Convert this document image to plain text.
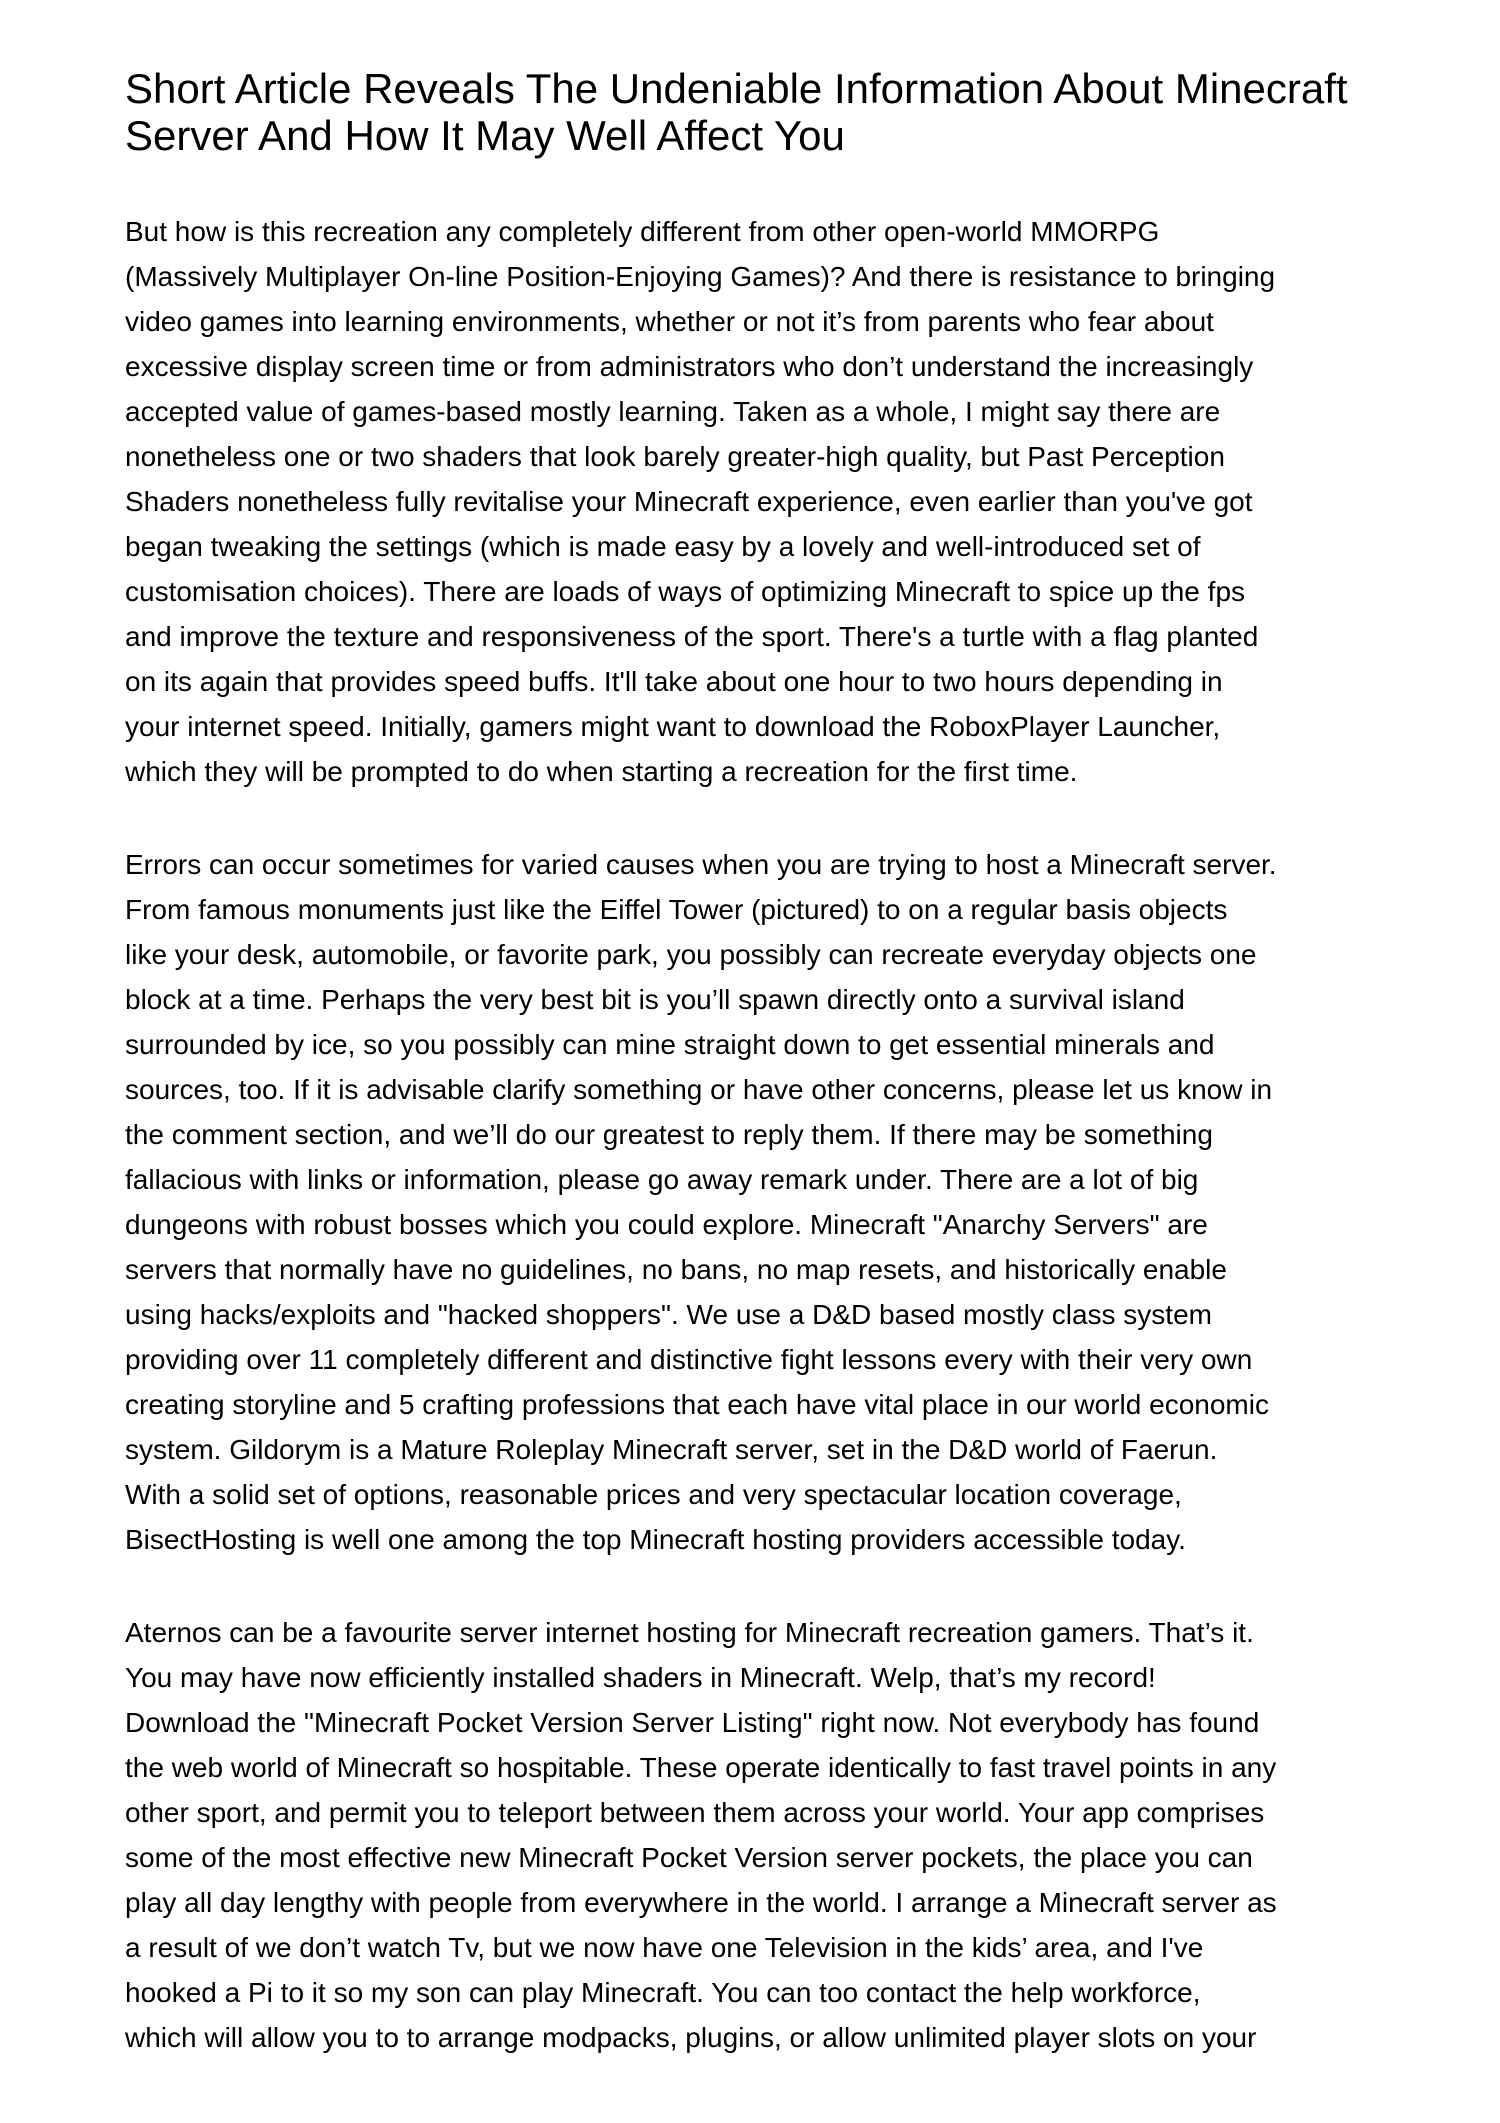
Short Article Reveals The Undeniable Information About Minecraft Server And How It May Well Affect You
But how is this recreation any completely different from other open-world MMORPG
(Massively Multiplayer On-line Position-Enjoying Games)? And there is resistance to bringing
video games into learning environments, whether or not it’s from parents who fear about
excessive display screen time or from administrators who don’t understand the increasingly
accepted value of games-based mostly learning. Taken as a whole, I might say there are
nonetheless one or two shaders that look barely greater-high quality, but Past Perception
Shaders nonetheless fully revitalise your Minecraft experience, even earlier than you've got
began tweaking the settings (which is made easy by a lovely and well-introduced set of
customisation choices). There are loads of ways of optimizing Minecraft to spice up the fps
and improve the texture and responsiveness of the sport. There's a turtle with a flag planted
on its again that provides speed buffs. It'll take about one hour to two hours depending in
your internet speed. Initially, gamers might want to download the RoboxPlayer Launcher,
which they will be prompted to do when starting a recreation for the first time.
Errors can occur sometimes for varied causes when you are trying to host a Minecraft server.
From famous monuments just like the Eiffel Tower (pictured) to on a regular basis objects
like your desk, automobile, or favorite park, you possibly can recreate everyday objects one
block at a time. Perhaps the very best bit is you’ll spawn directly onto a survival island
surrounded by ice, so you possibly can mine straight down to get essential minerals and
sources, too. If it is advisable clarify something or have other concerns, please let us know in
the comment section, and we’ll do our greatest to reply them. If there may be something
fallacious with links or information, please go away remark under. There are a lot of big
dungeons with robust bosses which you could explore. Minecraft "Anarchy Servers" are
servers that normally have no guidelines, no bans, no map resets, and historically enable
using hacks/exploits and "hacked shoppers". We use a D&D based mostly class system
providing over 11 completely different and distinctive fight lessons every with their very own
creating storyline and 5 crafting professions that each have vital place in our world economic
system. Gildorym is a Mature Roleplay Minecraft server, set in the D&D world of Faerun.
With a solid set of options, reasonable prices and very spectacular location coverage,
BisectHosting is well one among the top Minecraft hosting providers accessible today.
Aternos can be a favourite server internet hosting for Minecraft recreation gamers. That’s it.
You may have now efficiently installed shaders in Minecraft. Welp, that’s my record!
Download the "Minecraft Pocket Version Server Listing" right now. Not everybody has found
the web world of Minecraft so hospitable. These operate identically to fast travel points in any
other sport, and permit you to teleport between them across your world. Your app comprises
some of the most effective new Minecraft Pocket Version server pockets, the place you can
play all day lengthy with people from everywhere in the world. I arrange a Minecraft server as
a result of we don’t watch Tv, but we now have one Television in the kids’ area, and I've
hooked a Pi to it so my son can play Minecraft. You can too contact the help workforce,
which will allow you to to arrange modpacks, plugins, or allow unlimited player slots on your
